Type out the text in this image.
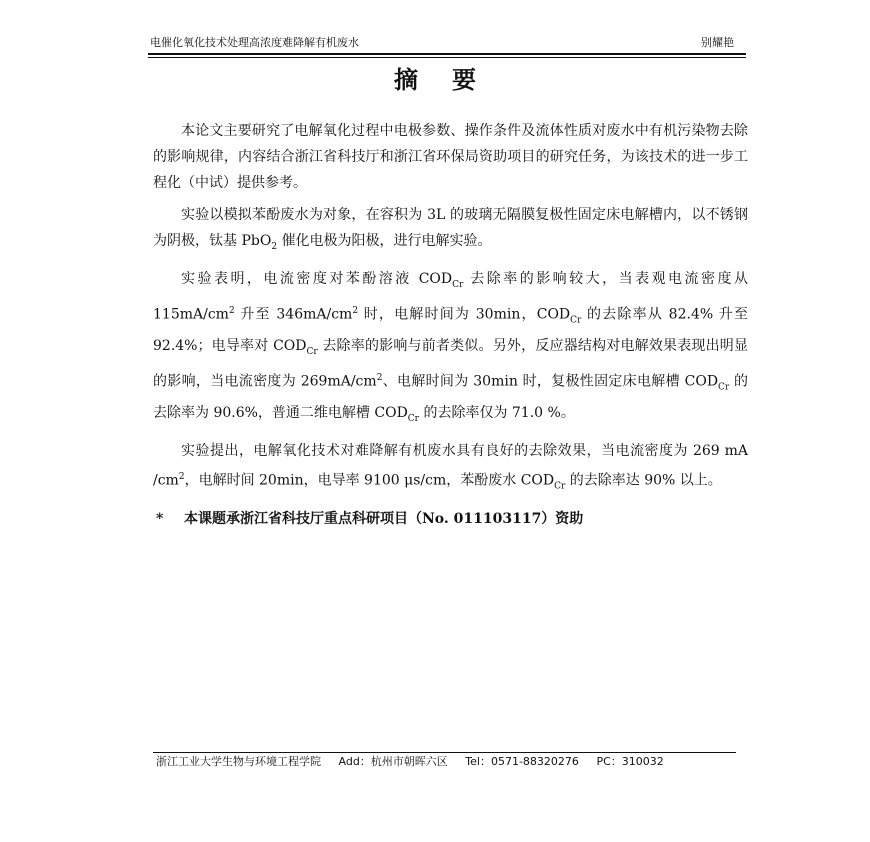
电催化氧化技术处理高浓度难降解有机废水	别耀艳
摘要

本论文主要研究了电解氧化过程中电极参数、操作条件及流体性质对废水中有机污染物去除的影响规律，内容结合浙江省科技厅和浙江省环保局资助项目的研究任务，为该技术的进一步工程化（中试）提供参考。

实验以模拟苯酚废水为对象，在容积为 3L 的玻璃无隔膜复极性固定床电解槽内，以不锈钢为阴极，钛基 PbO$_2$ 催化电极为阳极，进行电解实验。

实验表明，电流密度对苯酚溶液 $COD_{Cr}$ 去除率的影响较大，当表观电流密度从 $115mA/cm^2$ 升至 $346mA/cm^2$ 时，电解时间为 30min，$COD_{Cr}$ 的去除率从 82.4% 升至 92.4%；电导率对 $COD_{Cr}$ 去除率的影响与前者类似。另外，反应器结构对电解效果表现出明显的影响，当电流密度为 $269mA/cm^2$、电解时间为 30min 时，复极性固定床电解槽 $COD_{Cr}$ 的去除率为 90.6%，普通二维电解槽 $COD_{Cr}$ 的去除率仅为 71.0 %。

实验提出，电解氧化技术对难降解有机废水具有良好的去除效果，当电流密度为 269 mA $/cm^2$，电解时间 20min，电导率 9100 μs/cm，苯酚废水 $COD_{Cr}$ 的去除率达 90% 以上。

* 本课题承浙江省科技厅重点科研项目（No. 011103117）资助
浙江工业大学生物与环境工程学院 Add：杭州市朝晖六区 Tel：0571-88320276 PC：310032
